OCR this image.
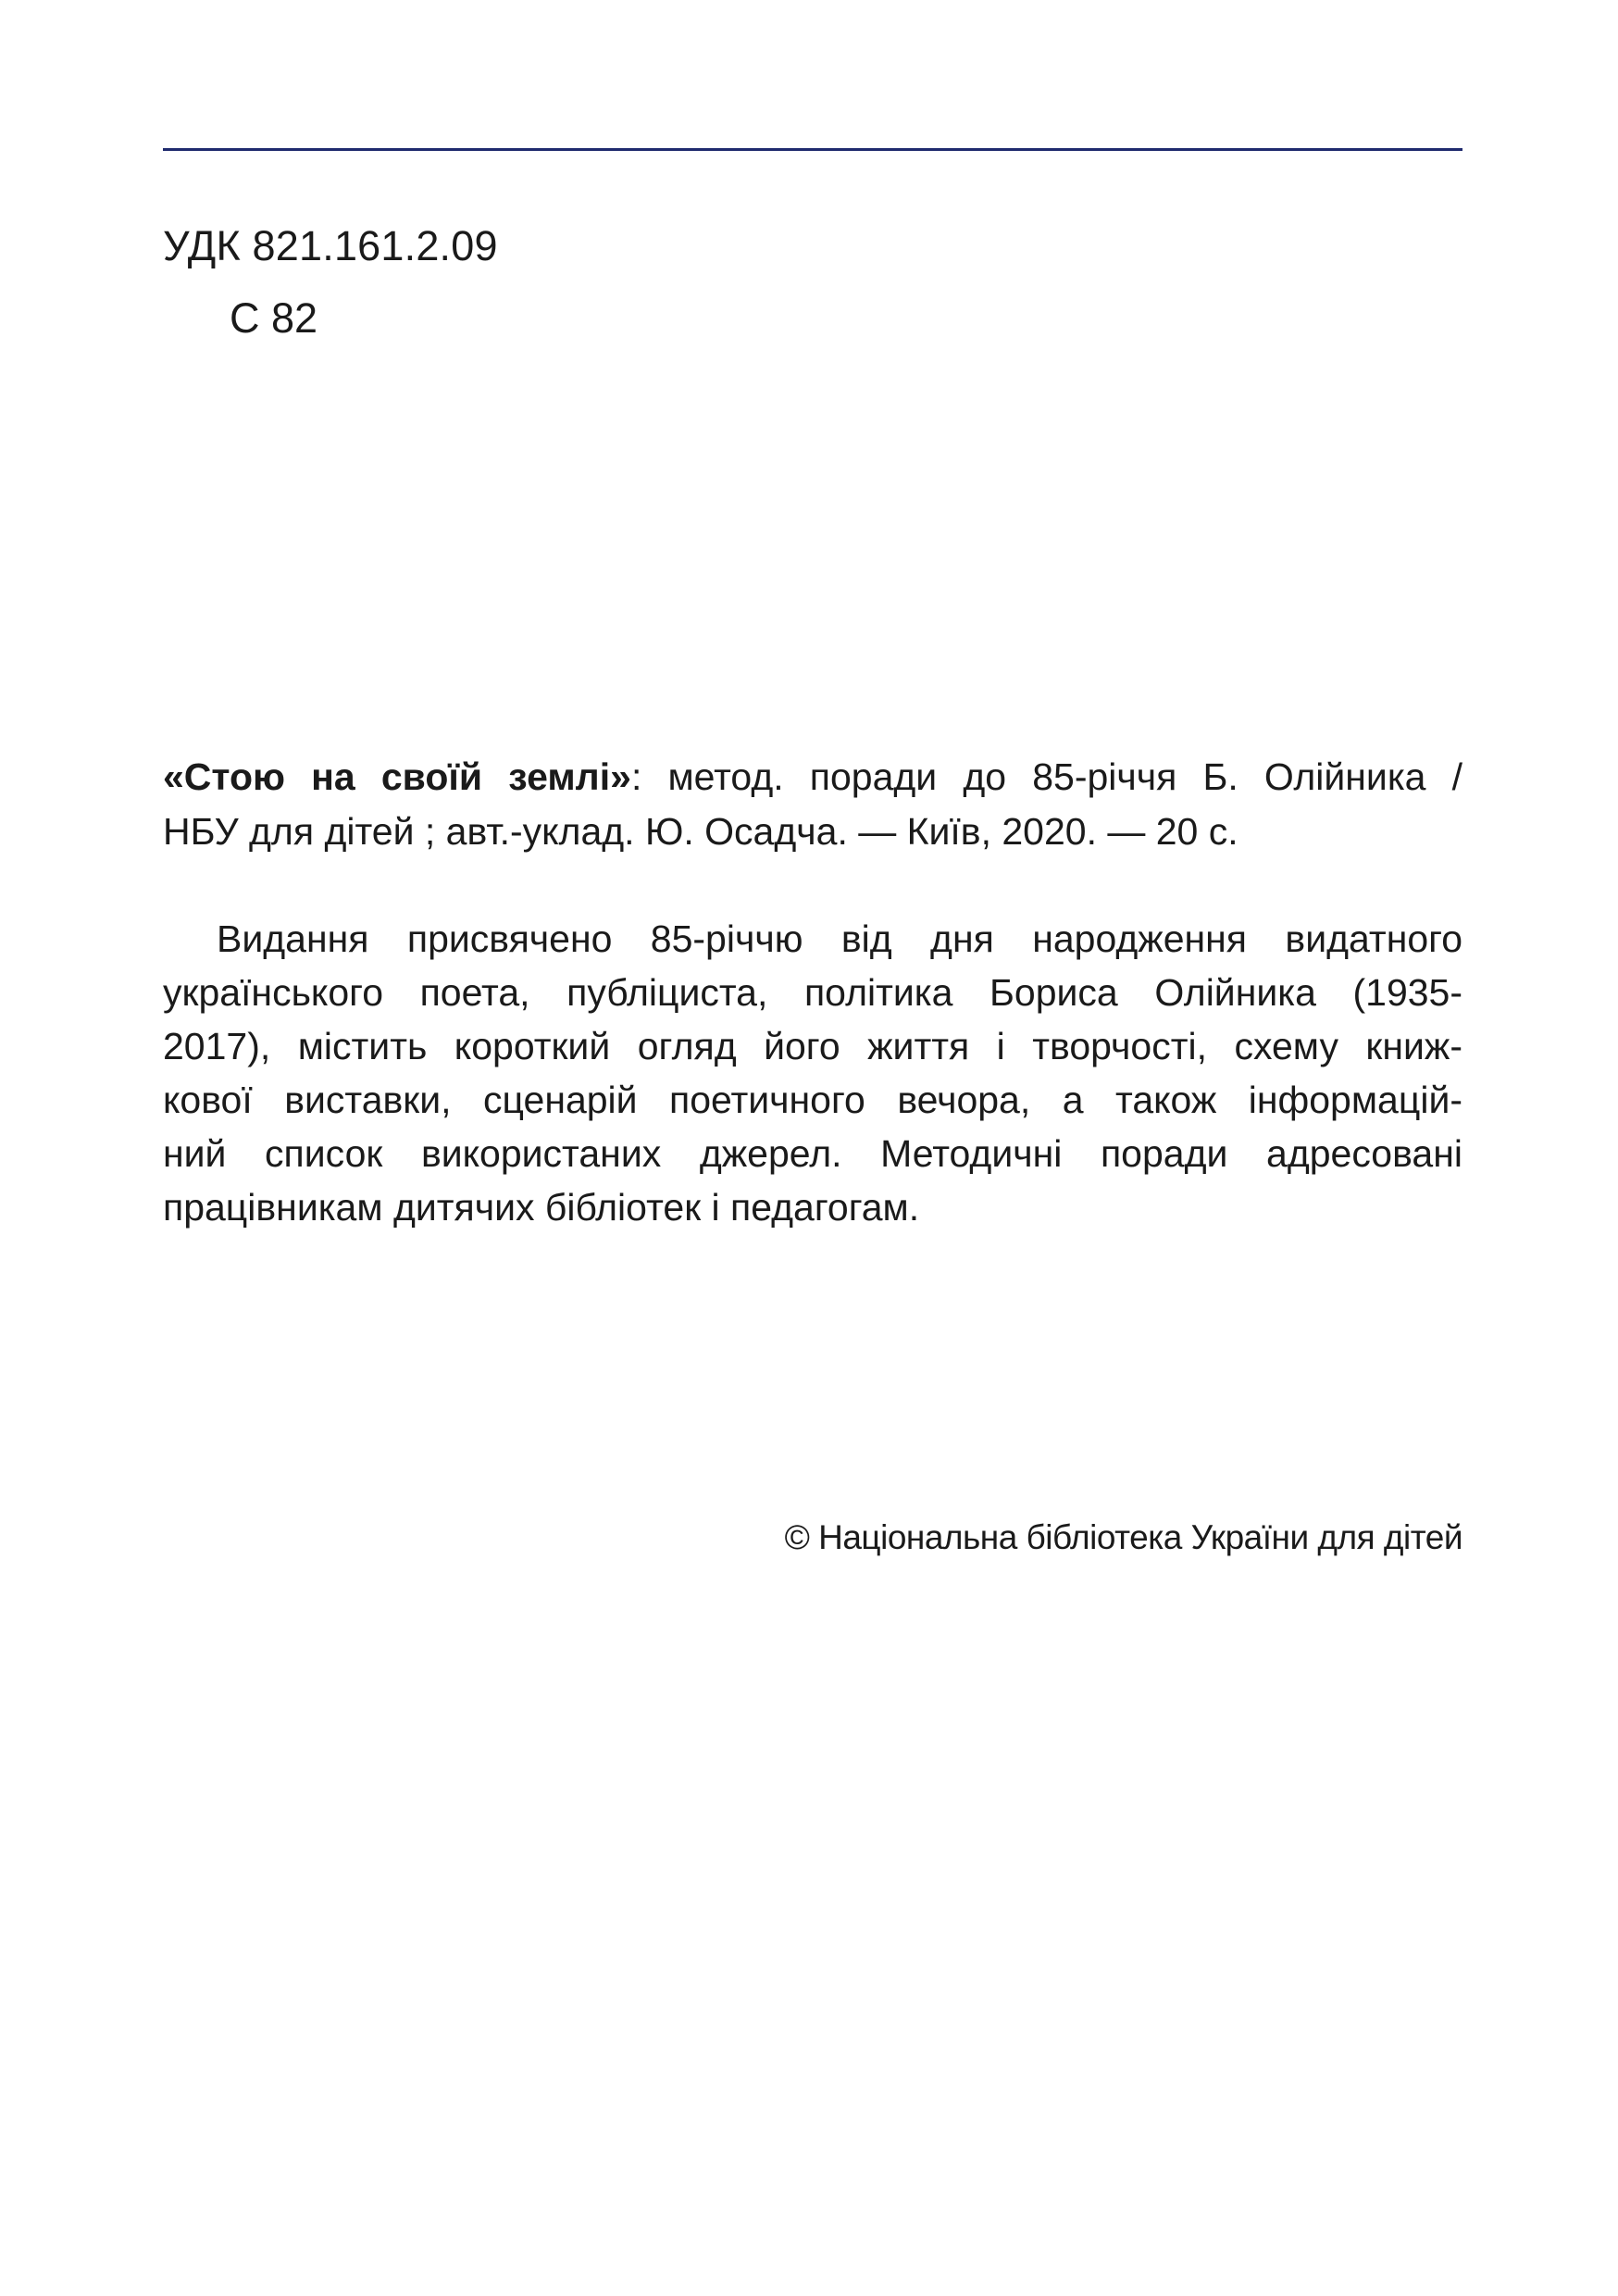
УДК 821.161.2.09
С 82
«Стою на своїй землі»: метод. поради до 85-річчя Б. Олійника /
НБУ для дітей ; авт.-уклад. Ю. Осадча. — Київ, 2020. — 20 с.
Видання присвячено 85-річчю від дня народження видатного
українського поета, публіциста, політика Бориса Олійника (1935-
2017), містить короткий огляд його життя і творчості, схему книж-
кової виставки, сценарій поетичного вечора, а також інформацій-
ний список використаних джерел. Методичні поради адресовані
працівникам дитячих бібліотек і педагогам.
© Національна бібліотека України для дітей
